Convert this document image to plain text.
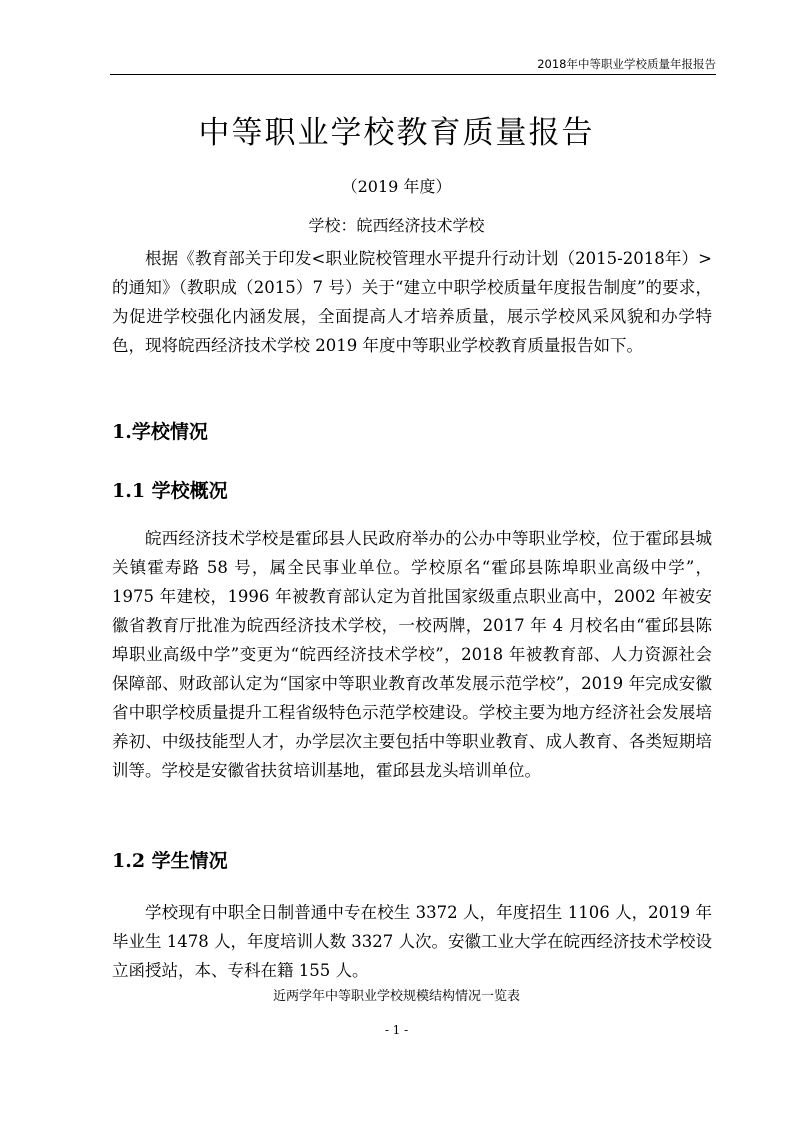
2018年中等职业学校质量年报报告
中等职业学校教育质量报告
（2019 年度）
学校：皖西经济技术学校

根据《教育部关于印发<职业院校管理水平提升行动计划（2015-2018年）>的通知》（教职成（2015）7 号）关于“建立中职学校质量年度报告制度”的要求，为促进学校强化内涵发展，全面提高人才培养质量，展示学校风采风貌和办学特色，现将皖西经济技术学校 2019 年度中等职业学校教育质量报告如下。

1.学校情况
1.1 学校概况

皖西经济技术学校是霍邱县人民政府举办的公办中等职业学校，位于霍邱县城关镇霍寿路 58 号，属全民事业单位。学校原名“霍邱县陈埠职业高级中学”，1975 年建校，1996 年被教育部认定为首批国家级重点职业高中，2002 年被安徽省教育厅批准为皖西经济技术学校，一校两牌，2017 年 4 月校名由“霍邱县陈埠职业高级中学”变更为“皖西经济技术学校”，2018 年被教育部、人力资源社会保障部、财政部认定为“国家中等职业教育改革发展示范学校”，2019 年完成安徽省中职学校质量提升工程省级特色示范学校建设。学校主要为地方经济社会发展培养初、中级技能型人才，办学层次主要包括中等职业教育、成人教育、各类短期培训等。学校是安徽省扶贫培训基地，霍邱县龙头培训单位。

1.2 学生情况

学校现有中职全日制普通中专在校生 3372 人，年度招生 1106 人，2019 年毕业生 1478 人，年度培训人数 3327 人次。安徽工业大学在皖西经济技术学校设立函授站，本、专科在籍 155 人。

近两学年中等职业学校规模结构情况一览表
- 1 -
